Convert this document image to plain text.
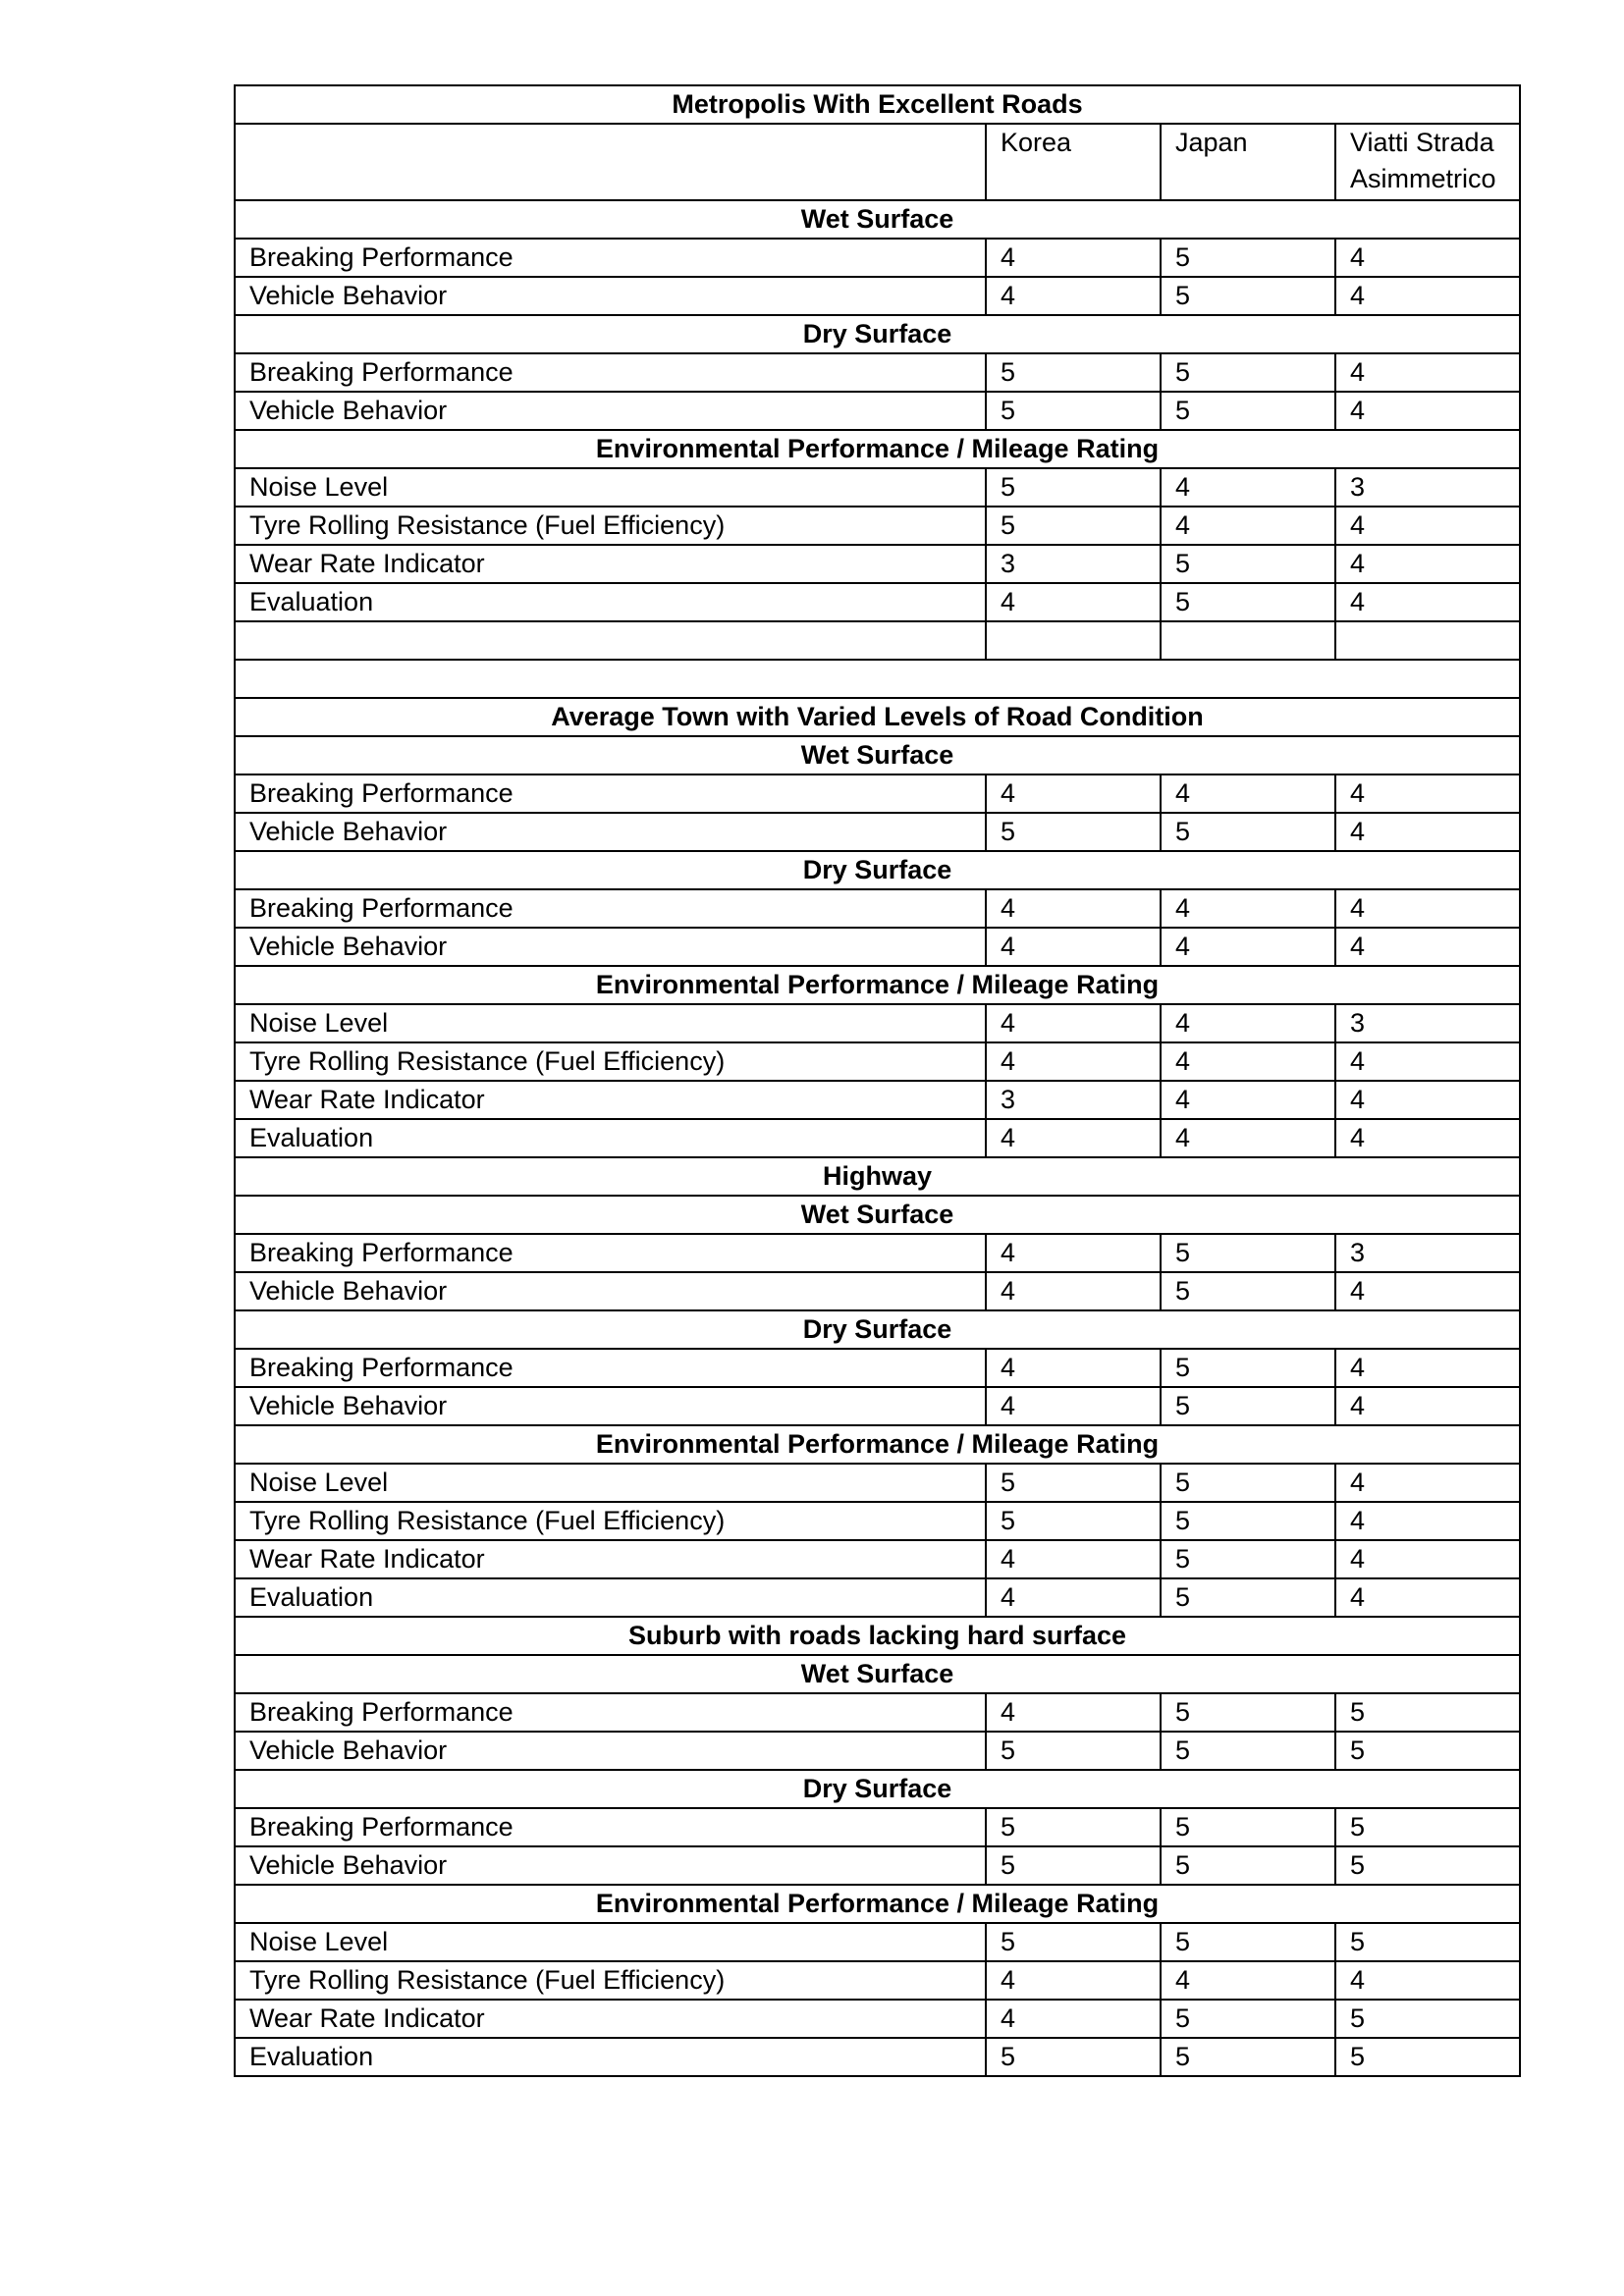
Metropolis With Excellent Roads			
	Korea	Japan	Viatti Strada Asimmetrico
Wet Surface			
Breaking Performance	4	5	4
Vehicle Behavior	4	5	4
Dry Surface			
Breaking Performance	5	5	4
Vehicle Behavior	5	5	4
Environmental Performance / Mileage Rating			
Noise Level	5	4	3
Tyre Rolling Resistance (Fuel Efficiency)	5	4	4
Wear Rate Indicator	3	5	4
Evaluation	4	5	4

Average Town with Varied Levels of Road Condition			
Wet Surface			
Breaking Performance	4	4	4
Vehicle Behavior	5	5	4
Dry Surface			
Breaking Performance	4	4	4
Vehicle Behavior	4	4	4
Environmental Performance / Mileage Rating			
Noise Level	4	4	3
Tyre Rolling Resistance (Fuel Efficiency)	4	4	4
Wear Rate Indicator	3	4	4
Evaluation	4	4	4
Highway			
Wet Surface			
Breaking Performance	4	5	3
Vehicle Behavior	4	5	4
Dry Surface			
Breaking Performance	4	5	4
Vehicle Behavior	4	5	4
Environmental Performance / Mileage Rating			
Noise Level	5	5	4
Tyre Rolling Resistance (Fuel Efficiency)	5	5	4
Wear Rate Indicator	4	5	4
Evaluation	4	5	4
Suburb with roads lacking hard surface			
Wet Surface			
Breaking Performance	4	5	5
Vehicle Behavior	5	5	5
Dry Surface			
Breaking Performance	5	5	5
Vehicle Behavior	5	5	5
Environmental Performance / Mileage Rating			
Noise Level	5	5	5
Tyre Rolling Resistance (Fuel Efficiency)	4	4	4
Wear Rate Indicator	4	5	5
Evaluation	5	5	5
